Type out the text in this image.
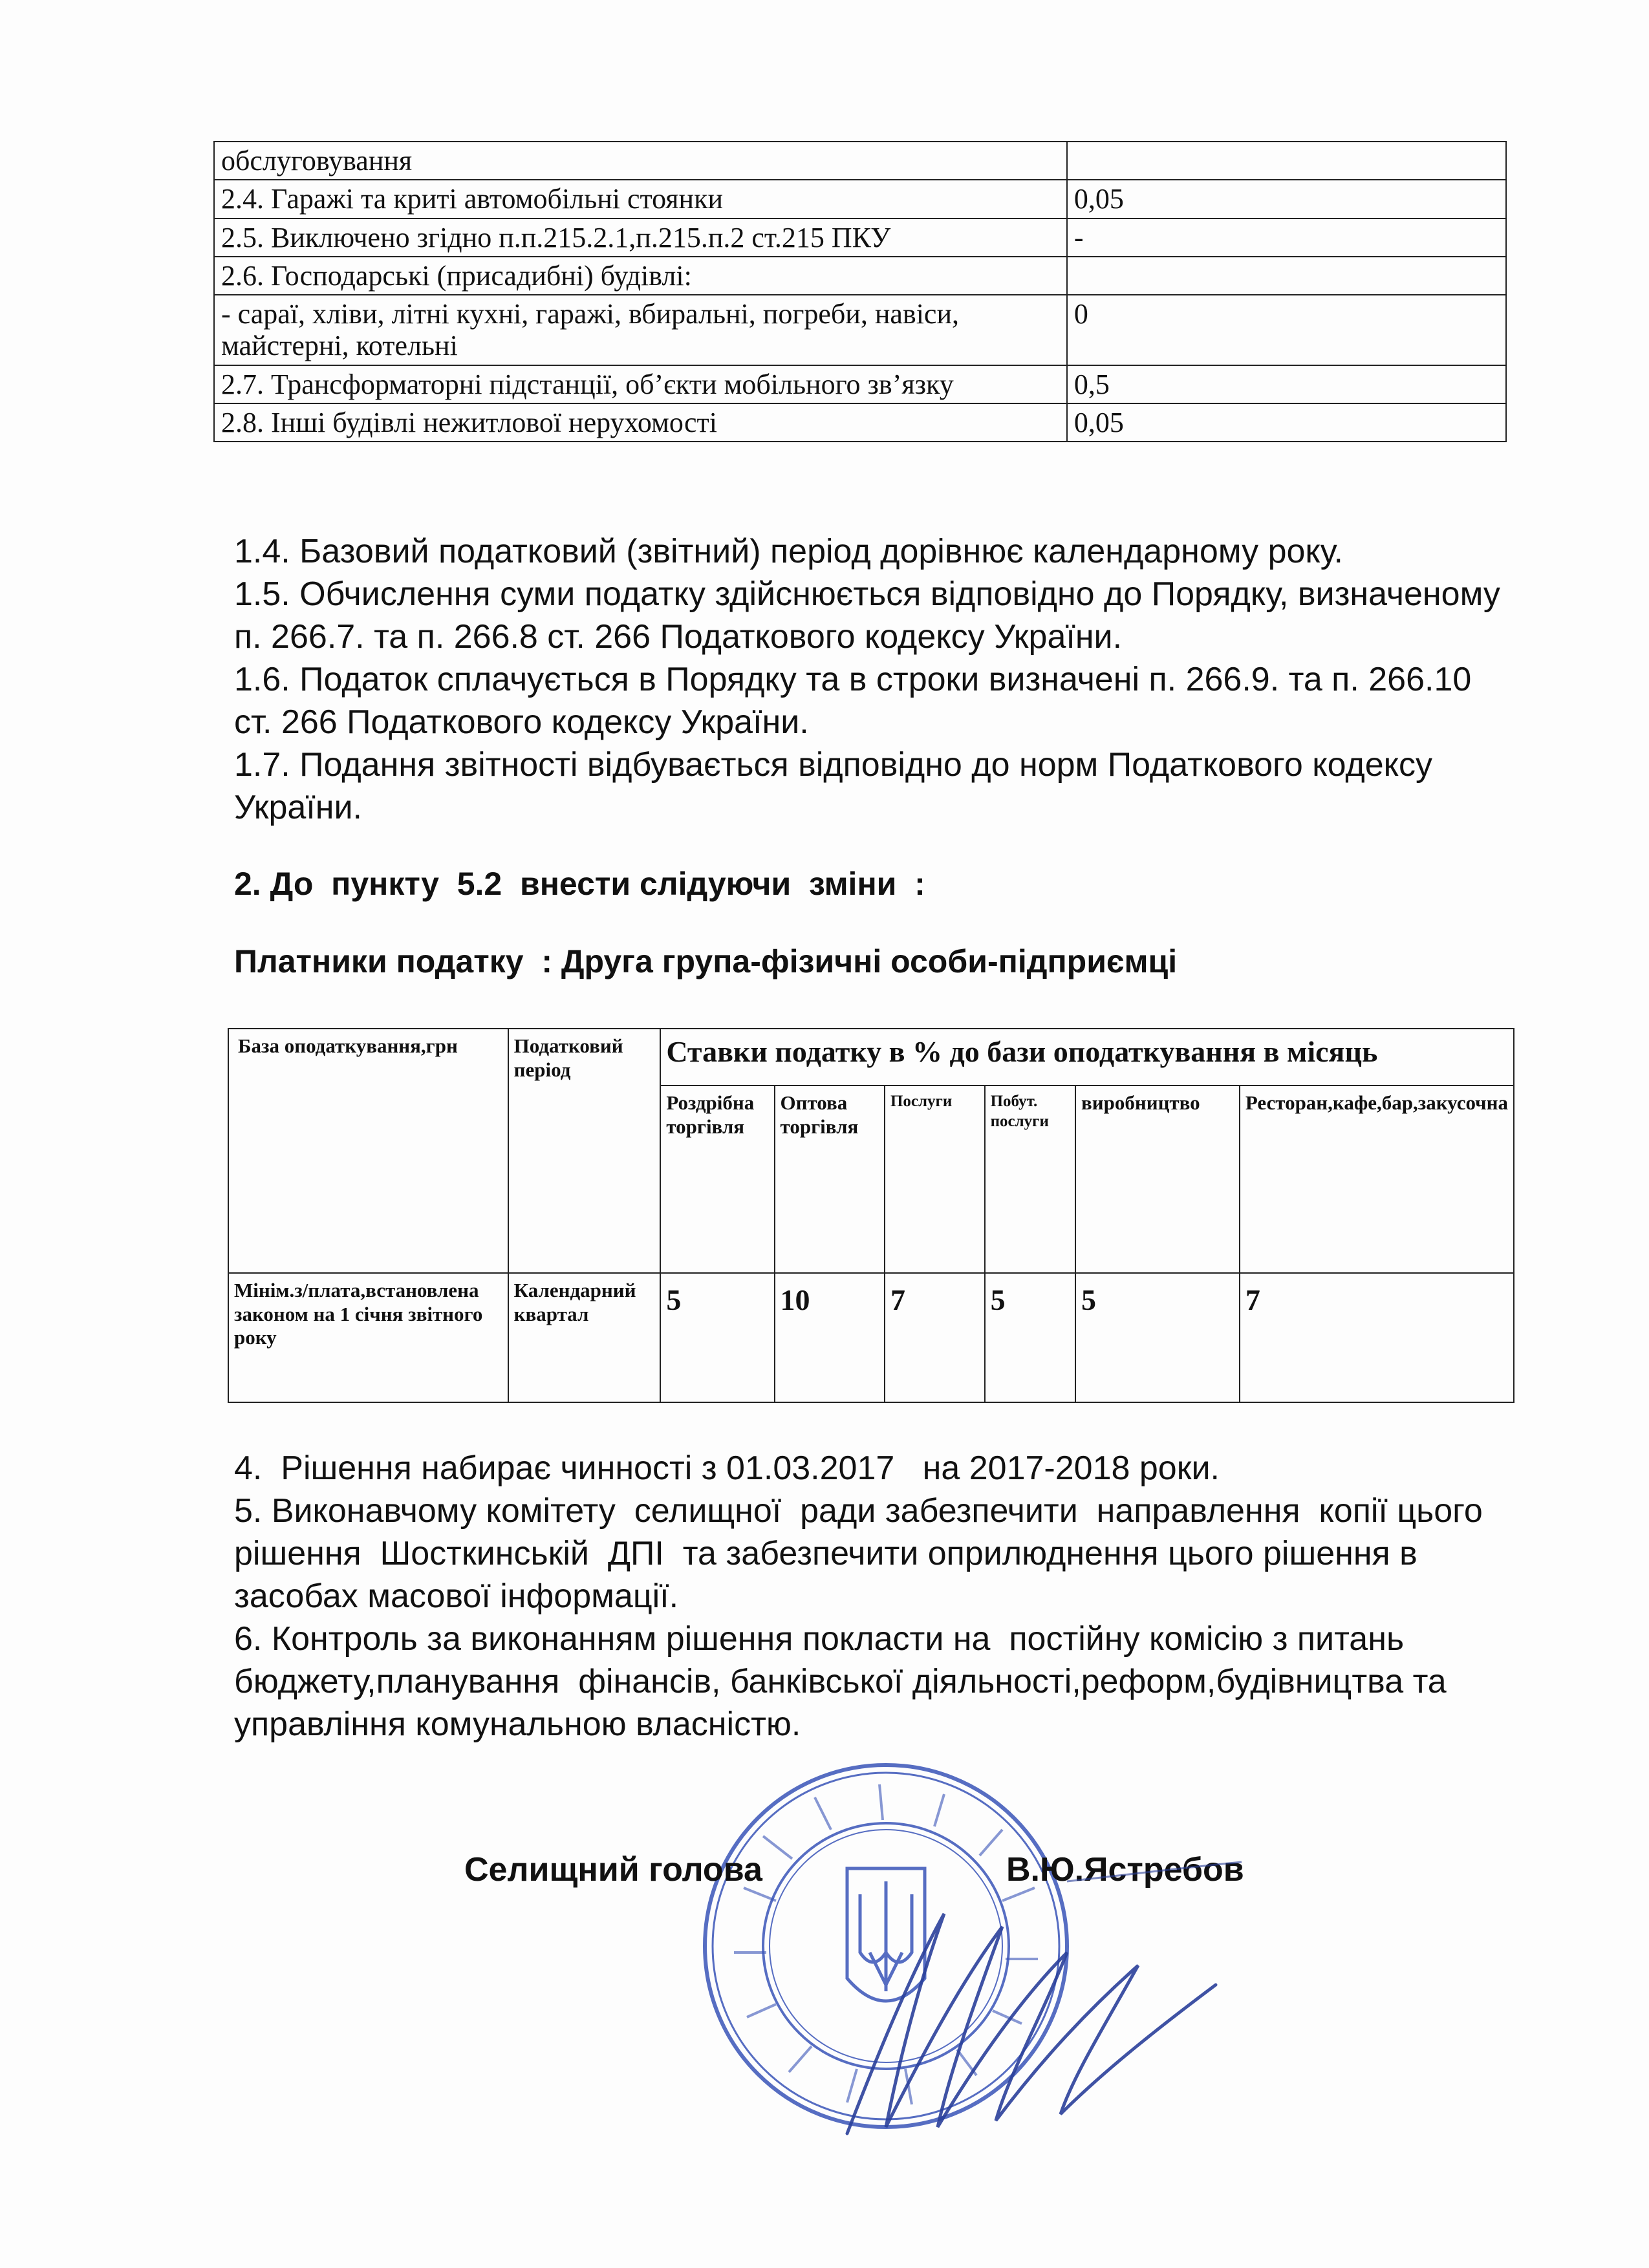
обслуговування	
2.4. Гаражі та криті автомобільні стоянки	0,05
2.5. Виключено згідно п.п.215.2.1,п.215.п.2 ст.215 ПКУ	-
2.6. Господарські (присадибні) будівлі:	
- сараї, хліви, літні кухні, гаражі, вбиральні, погреби, навіси, майстерні, котельні	0
2.7. Трансформаторні підстанції, об’єкти мобільного зв’язку	0,5
2.8. Інші будівлі нежитлової нерухомості	0,05

1.4. Базовий податковий (звітний) період дорівнює календарному року.

1.5. Обчислення суми податку здійснюється відповідно до Порядку, визначеному п. 266.7. та п. 266.8 ст. 266 Податкового кодексу України.

1.6. Податок сплачується в Порядку та в строки визначені п. 266.9. та п. 266.10 ст. 266 Податкового кодексу України.

1.7. Подання звітності відбувається відповідно до норм Податкового кодексу України.

2. До  пункту  5.2  внести слідуючи  зміни  :
Платники податку  : Друга група-фізичні особи-підприємці
База оподаткування,грн	Податковий період	Ставки податку в % до бази оподаткування в місяць					
		Роздрібна торгівля	Оптова торгівля	Послуги	Побут. послуги	виробництво	Ресторан,кафе,бар,закусочна
Мінім.з/плата,встановлена законом на 1 січня звітного року	Календарний квартал	5	10	7	5	5	7

4.  Рішення набирає чинності з 01.03.2017   на 2017-2018 роки.

5. Виконавчому комітету  селищної  ради забезпечити  направлення  копії цього рішення  Шосткинській  ДПІ  та забезпечити оприлюднення цього рішення в засобах масової інформації.

6. Контроль за виконанням рішення покласти на  постійну комісію з питань бюджету,планування  фінансів, банківської діяльності,реформ,будівництва та управління комунальною власністю.

Селищний голова	В.Ю.Ястребов
